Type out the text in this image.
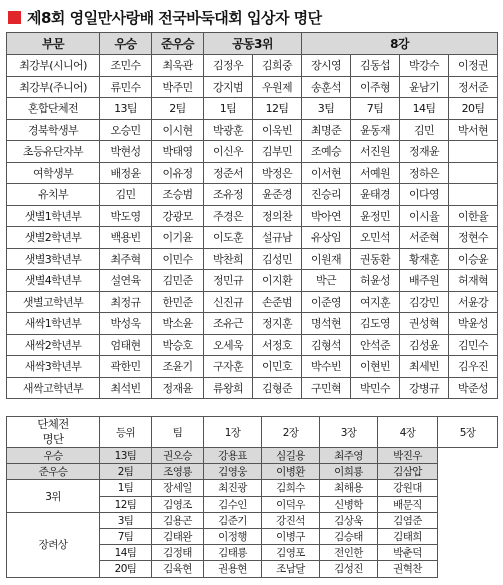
제8회 영일만사랑배 전국바둑대회 입상자 명단
부문	우승	준우승	공동3위		8강			
최강부(시니어)	조민수	최욱관	김정우	김희중	장시영	김동섭	박강수	이정권
최강부(주니어)	류민수	박주민	강지범	우원제	송훈석	이주형	윤남기	정서준
혼합단체전	13팀	2팀	1팀	12팀	3팀	7팀	14팀	20팀
경북학생부	오승민	이시현	박광훈	이욱빈	최명준	윤동재	김민	박서현
초등유단자부	박현성	박태영	이신우	김부민	조예승	서진원	정재윤	
여학생부	배정윤	이유정	정준서	박정은	이서현	서예원	정하은	
유치부	김민	조승범	조유정	윤준경	진승리	윤태경	이다영	
샛별1학년부	박도영	강광모	주경은	정의찬	박아연	윤정민	이시율	이한율
샛별2학년부	백용빈	이기윤	이도훈	설규남	유상임	오민석	서준혁	정현수
샛별3학년부	최주혁	이민수	박찬희	김성민	이원재	권동환	황재훈	이승윤
샛별4학년부	설연육	김민준	정민규	이지환	박근	허윤성	배주원	허재혁
샛별고학년부	최정규	한민준	신진규	손준범	이준영	여지훈	김강민	서윤강
새싹1학년부	박성욱	박소윤	조유근	정지훈	명석현	김도영	권성혁	박윤성
새싹2학년부	엄태현	박승호	오세욱	서정호	김형석	안석준	김성윤	김민수
새싹3학년부	곽한민	조윤기	구자훈	이민호	박수빈	이현빈	최세빈	김우진
새싹고학년부	최석빈	정재윤	류왕희	김형준	구민혁	박민수	강병규	박준성
단체전
명단	등위	팀	1장	2장	3장	4장	5장
우승	13팀	권오승	강용표	심길용	최주영	박진우	
준우승	2팀	조영룡	김영웅	이병환	이희룡	김삼압	
3위	1팀	장세일	최진광	김희수	최해용	강원대	
	12팀	김영조	김수인	이덕우	신병학	배문직	
장려상	3팀	김용곤	김준기	강진석	김상욱	김염준	
	7팀	김태완	이정행	이병구	김승태	김태희	
	14팀	김정태	김태룡	김영포	전인한	박춘덕	
	20팀	김육현	권용현	조남달	김성진	권혁찬	
